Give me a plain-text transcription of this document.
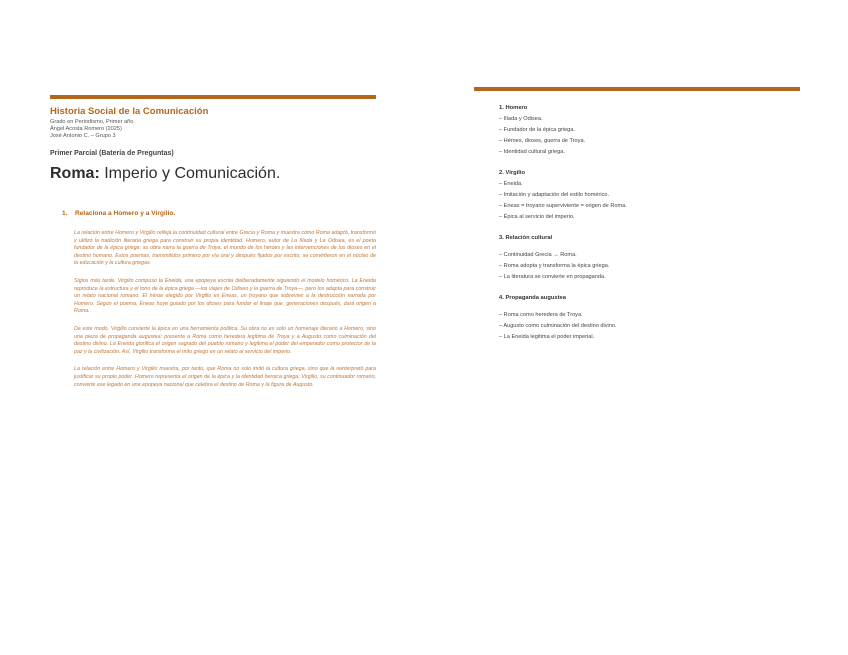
Historia Social de la Comunicación
Grado en Periodismo, Primer año
Ángel Acosta Romero (2025)
José Antonio C. – Grupo 3
Primer Parcial (Batería de Preguntas)
Roma: Imperio y Comunicación.
1. Relaciona a Homero y a Virgilio.

La relación entre Homero y Virgilio refleja la continuidad cultural entre Grecia y Roma y muestra cómo Roma adaptó, transformó y utilizó la tradición literaria griega para construir su propia identidad. Homero, autor de La Ilíada y La Odisea, es el poeta fundador de la épica griega: su obra narra la guerra de Troya, el mundo de los héroes y las intervenciones de los dioses en el destino humano. Estos poemas, transmitidos primero por vía oral y después fijados por escrito, se convirtieron en el núcleo de la educación y la cultura griegas.

Siglos más tarde, Virgilio compuso la Eneida, una epopeya escrita deliberadamente siguiendo el modelo homérico. La Eneida reproduce la estructura y el tono de la épica griega —los viajes de Odiseo y la guerra de Troya—, pero los adapta para construir un relato nacional romano. El héroe elegido por Virgilio es Eneas, un troyano que sobrevive a la destrucción narrada por Homero. Según el poema, Eneas huye guiado por los dioses para fundar el linaje que, generaciones después, dará origen a Roma.

De este modo, Virgilio convierte la épica en una herramienta política. Su obra no es solo un homenaje literario a Homero, sino una pieza de propaganda augustea: presenta a Roma como heredera legítima de Troya y a Augusto como culminación del destino divino. La Eneida glorifica el origen sagrado del pueblo romano y legitima el poder del emperador como protector de la paz y la civilización. Así, Virgilio transforma el mito griego en un relato al servicio del imperio.

La relación entre Homero y Virgilio muestra, por tanto, que Roma no solo imitó la cultura griega, sino que la reinterpretó para justificar su propio poder. Homero representa el origen de la épica y la identidad heroica griega; Virgilio, su continuador romano, convierte ese legado en una epopeya nacional que celebra el destino de Roma y la figura de Augusto.

1. Homero
– Ilíada y Odisea.
– Fundador de la épica griega.
– Héroes, dioses, guerra de Troya.
– Identidad cultural griega.
2. Virgilio
– Eneida.
– Imitación y adaptación del estilo homérico.
– Eneas = troyano superviviente = origen de Roma.
– Épica al servicio del imperio.
3. Relación cultural
– Continuidad Grecia → Roma.
– Roma adopta y transforma la épica griega.
– La literatura se convierte en propaganda.
4. Propaganda augustea
– Roma como heredera de Troya.
– Augusto como culminación del destino divino.
– La Eneida legitima el poder imperial.
